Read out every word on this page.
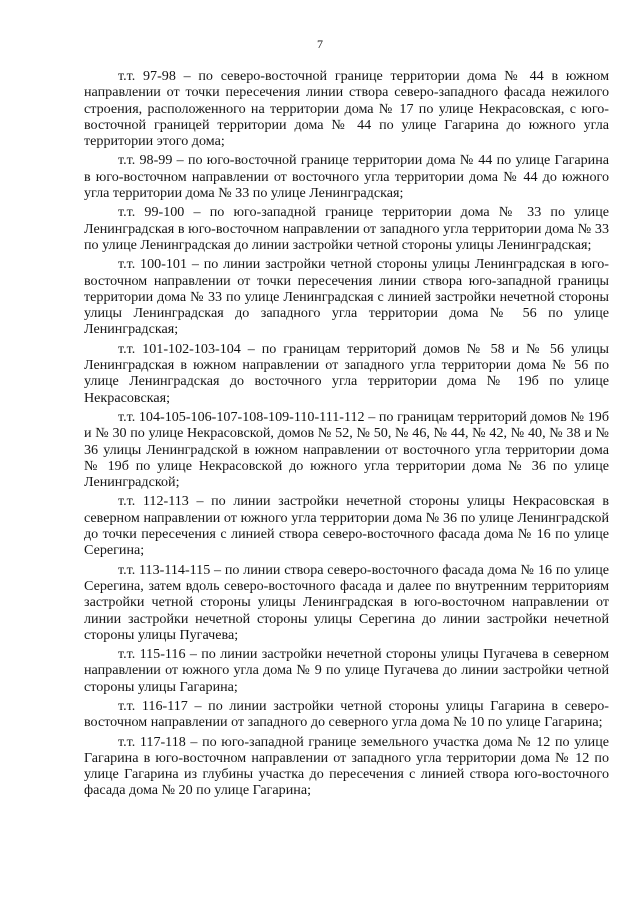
7

т.т. 97-98 – по северо-восточной границе территории дома № 44 в южном направлении от точки пересечения линии створа северо-западного фасада нежилого строения, расположенного на территории дома № 17 по улице Некрасовская, с юго-восточной границей территории дома № 44 по улице Гагарина до южного угла территории этого дома;

т.т. 98-99 – по юго-восточной границе территории дома № 44 по улице Гагарина в юго-восточном направлении от восточного угла территории дома № 44 до южного угла территории дома № 33 по улице Ленинградская;

т.т. 99-100 – по юго-западной границе территории дома № 33 по улице Ленинградская в юго-восточном направлении от западного угла территории дома № 33 по улице Ленинградская до линии застройки четной стороны улицы Ленинградская;

т.т. 100-101 – по линии застройки четной стороны улицы Ленинградская в юго-восточном направлении от точки пересечения линии створа юго-западной границы территории дома № 33 по улице Ленинградская с линией застройки нечетной стороны улицы Ленинградская до западного угла территории дома № 56 по улице Ленинградская;

т.т. 101-102-103-104 – по границам территорий домов № 58 и № 56 улицы Ленинградская в южном направлении от западного угла территории дома № 56 по улице Ленинградская до восточного угла территории дома № 19б по улице Некрасовская;

т.т. 104-105-106-107-108-109-110-111-112 – по границам территорий домов № 19б и № 30 по улице Некрасовской, домов № 52, № 50, № 46, № 44, № 42, № 40, № 38 и № 36 улицы Ленинградской в южном направлении от восточного угла территории дома № 19б по улице Некрасовской до южного угла территории дома № 36 по улице Ленинградской;

т.т. 112-113 – по линии застройки нечетной стороны улицы Некрасовская в северном направлении от южного угла территории дома № 36 по улице Ленинградской до точки пересечения с линией створа северо-восточного фасада дома № 16 по улице Серегина;

т.т. 113-114-115 – по линии створа северо-восточного фасада дома № 16 по улице Серегина, затем вдоль северо-восточного фасада и далее по внутренним территориям застройки четной стороны улицы Ленинградская в юго-восточном направлении от линии застройки нечетной стороны улицы Серегина до линии застройки нечетной стороны улицы Пугачева;

т.т. 115-116 – по линии застройки нечетной стороны улицы Пугачева в северном направлении от южного угла дома № 9 по улице Пугачева до линии застройки четной стороны улицы Гагарина;

т.т. 116-117 – по линии застройки четной стороны улицы Гагарина в северо-восточном направлении от западного до северного угла дома № 10 по улице Гагарина;

т.т. 117-118 – по юго-западной границе земельного участка дома № 12 по улице Гагарина в юго-восточном направлении от западного угла территории дома № 12 по улице Гагарина из глубины участка до пересечения с линией створа юго-восточного фасада дома № 20 по улице Гагарина;
